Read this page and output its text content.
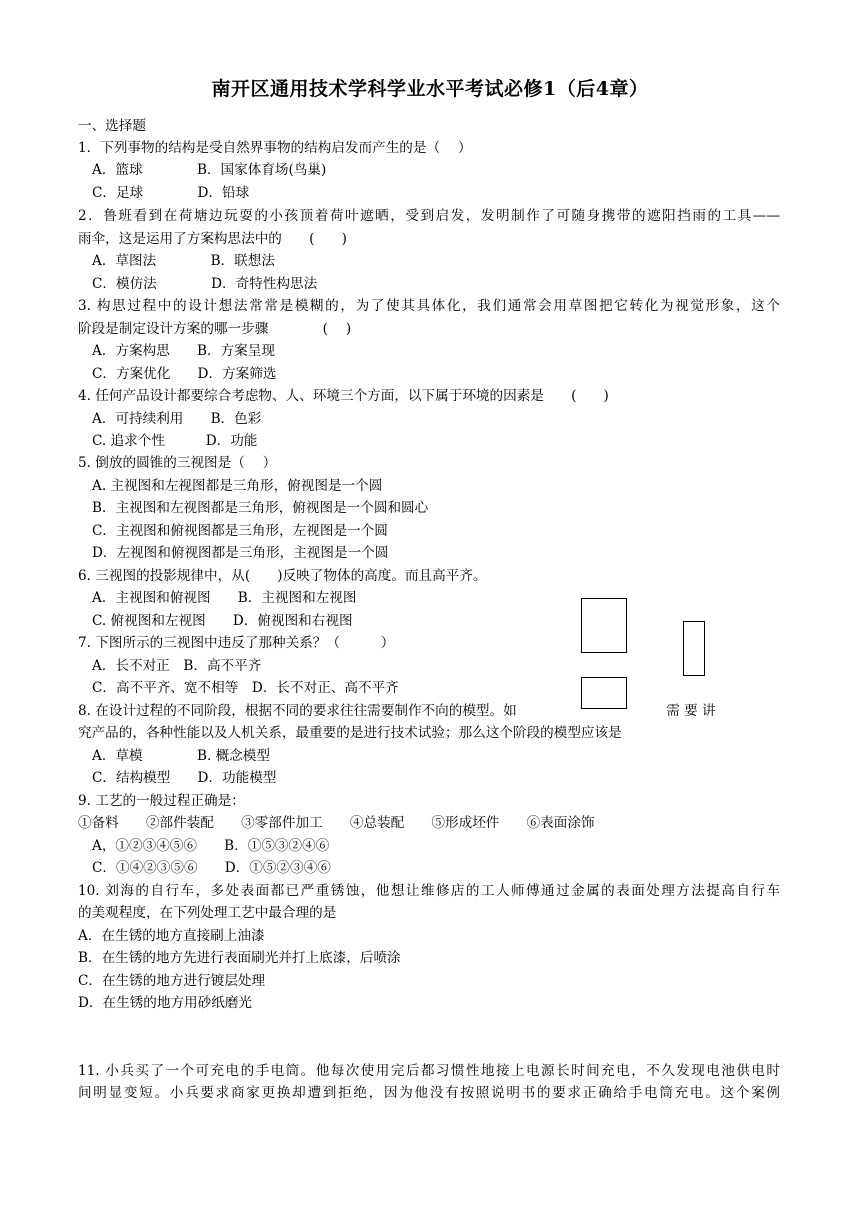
南开区通用技术学科学业水平考试必修1（后4章）
一、选择题
1．下列事物的结构是受自然界事物的结构启发而产生的是（　 ）
A．篮球　　　　B．国家体育场(鸟巢)
C．足球　　　　D．铅球
2．鲁班看到在荷塘边玩耍的小孩顶着荷叶遮晒，受到启发，发明制作了可随身携带的遮阳挡雨的工具——
雨伞，这是运用了方案构思法中的　　(　　)
A．草图法　　　　B．联想法
C．模仿法　　　　D．奇特性构思法
3. 构思过程中的设计想法常常是模糊的，为了使其具体化，我们通常会用草图把它转化为视觉形象，这个
阶段是制定设计方案的哪一步骤　　　　(　 )
A．方案构思　　B．方案呈现
C．方案优化　　D．方案筛选
4. 任何产品设计都要综合考虑物、人、环境三个方面，以下属于环境的因素是　　(　　)
A．可持续利用　　B．色彩
C. 追求个性　　　D．功能
5. 倒放的圆锥的三视图是（　 ）
A. 主视图和左视图都是三角形，俯视图是一个圆
B．主视图和左视图都是三角形，俯视图是一个圆和圆心
C．主视图和俯视图都是三角形，左视图是一个圆
D．左视图和俯视图都是三角形，主视图是一个圆
6. 三视图的投影规律中，从(　　)反映了物体的高度。而且高平齐。
A．主视图和俯视图　　B．主视图和左视图
C. 俯视图和左视图　　D．俯视图和右视图
7. 下图所示的三视图中违反了那种关系？（　　　）
A．长不对正　B．高不平齐
C．高不平齐、宽不相等　D．长不对正、高不平齐
8. 在设计过程的不同阶段，根据不同的要求往往需要制作不向的模型。如　　　　　　　　　　　需 要 讲
究产品的，各种性能以及人机关系，最重要的是进行技术试验；那么这个阶段的模型应该是
A．草模　　　　B. 概念模型
C．结构模型　　D．功能模型
9. 工艺的一般过程正确是：
①备料　　②部件装配　　③零部件加工　　④总装配　　⑤形成坯件　　⑥表面涂饰
A，①②③④⑤⑥　　B．①⑤③②④⑥
C．①④②③⑤⑥　　D．①⑤②③④⑥
10. 刘海的自行车，多处表面都已严重锈蚀，他想让维修店的工人师傅通过金属的表面处理方法提高自行车
的美观程度，在下列处理工艺中最合理的是
A．在生锈的地方直接刷上油漆
B．在生锈的地方先进行表面刷光并打上底漆，后喷涂
C．在生锈的地方进行镀层处理
D．在生锈的地方用砂纸磨光
11. 小兵买了一个可充电的手电筒。他每次使用完后都习惯性地接上电源长时间充电，不久发现电池供电时
间明显变短。小兵要求商家更换却遭到拒绝，因为他没有按照说明书的要求正确给手电筒充电。这个案例
